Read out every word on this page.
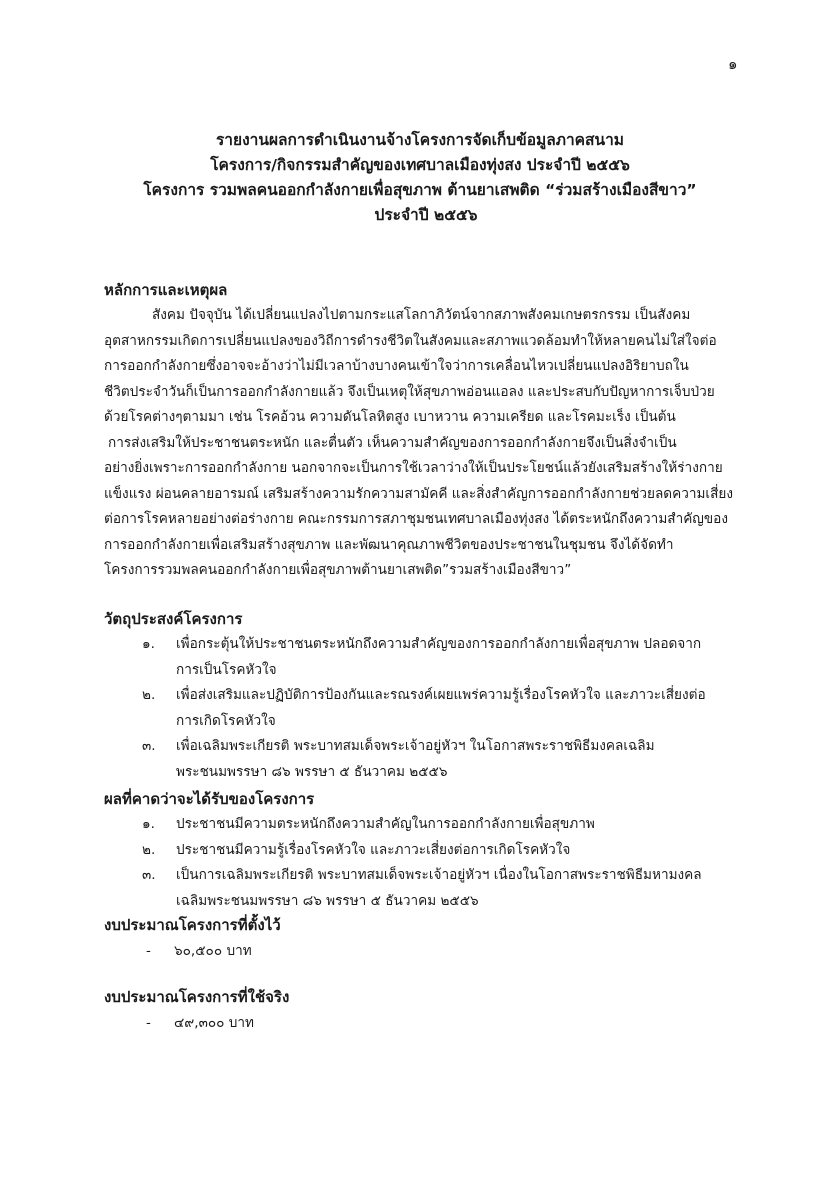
๑
รายงานผลการดำเนินงานจ้างโครงการจัดเก็บข้อมูลภาคสนาม
โครงการ/กิจกรรมสำคัญของเทศบาลเมืองทุ่งสง ประจำปี ๒๕๕๖
โครงการ รวมพลคนออกกำลังกายเพื่อสุขภาพ ต้านยาเสพติด “ร่วมสร้างเมืองสีขาว”
ประจำปี ๒๕๕๖
หลักการและเหตุผล
สังคม ปัจจุบัน ได้เปลี่ยนแปลงไปตามกระแสโลกาภิวัตน์จากสภาพสังคมเกษตรกรรม เป็นสังคม
อุตสาหกรรมเกิดการเปลี่ยนแปลงของวิถีการดำรงชีวิตในสังคมและสภาพแวดล้อมทำให้หลายคนไม่ใส่ใจต่อ
การออกกำลังกายซึ่งอาจจะอ้างว่าไม่มีเวลาบ้างบางคนเข้าใจว่าการเคลื่อนไหวเปลี่ยนแปลงอิริยาบถใน
ชีวิตประจำวันก็เป็นการออกกำลังกายแล้ว จึงเป็นเหตุให้สุขภาพอ่อนแอลง และประสบกับปัญหาการเจ็บป่วย
ด้วยโรคต่างๆตามมา เช่น โรคอ้วน ความดันโลหิตสูง เบาหวาน ความเครียด และโรคมะเร็ง เป็นต้น
การส่งเสริมให้ประชาชนตระหนัก และตื่นตัว เห็นความสำคัญของการออกกำลังกายจึงเป็นสิ่งจำเป็น
อย่างยิ่งเพราะการออกกำลังกาย นอกจากจะเป็นการใช้เวลาว่างให้เป็นประโยชน์แล้วยังเสริมสร้างให้ร่างกาย
แข็งแรง ผ่อนคลายอารมณ์ เสริมสร้างความรักความสามัคคี และสิ่งสำคัญการออกกำลังกายช่วยลดความเสี่ยง
ต่อการโรคหลายอย่างต่อร่างกาย คณะกรรมการสภาชุมชนเทศบาลเมืองทุ่งสง ได้ตระหนักถึงความสำคัญของ
การออกกำลังกายเพื่อเสริมสร้างสุขภาพ และพัฒนาคุณภาพชีวิตของประชาชนในชุมชน จึงได้จัดทำ
โครงการรวมพลคนออกกำลังกายเพื่อสุขภาพต้านยาเสพติด”รวมสร้างเมืองสีขาว”
วัตถุประสงค์โครงการ
๑. เพื่อกระตุ้นให้ประชาชนตระหนักถึงความสำคัญของการออกกำลังกายเพื่อสุขภาพ ปลอดจาก
การเป็นโรคหัวใจ
๒. เพื่อส่งเสริมและปฏิบัติการป้องกันและรณรงค์เผยแพร่ความรู้เรื่องโรคหัวใจ และภาวะเสี่ยงต่อ
การเกิดโรคหัวใจ
๓. เพื่อเฉลิมพระเกียรติ พระบาทสมเด็จพระเจ้าอยู่หัวฯ ในโอกาสพระราชพิธีมงคลเฉลิม
พระชนมพรรษา ๘๖ พรรษา ๕ ธันวาคม ๒๕๕๖
ผลที่คาดว่าจะได้รับของโครงการ
๑. ประชาชนมีความตระหนักถึงความสำคัญในการออกกำลังกายเพื่อสุขภาพ
๒. ประชาชนมีความรู้เรื่องโรคหัวใจ และภาวะเสี่ยงต่อการเกิดโรคหัวใจ
๓. เป็นการเฉลิมพระเกียรติ พระบาทสมเด็จพระเจ้าอยู่หัวฯ เนื่องในโอกาสพระราชพิธีมหามงคล
เฉลิมพระชนมพรรษา ๘๖ พรรษา ๕ ธันวาคม ๒๕๕๖
งบประมาณโครงการที่ตั้งไว้
- ๖๐,๕๐๐ บาท
งบประมาณโครงการที่ใช้จริง
- ๔๙,๓๐๐ บาท
